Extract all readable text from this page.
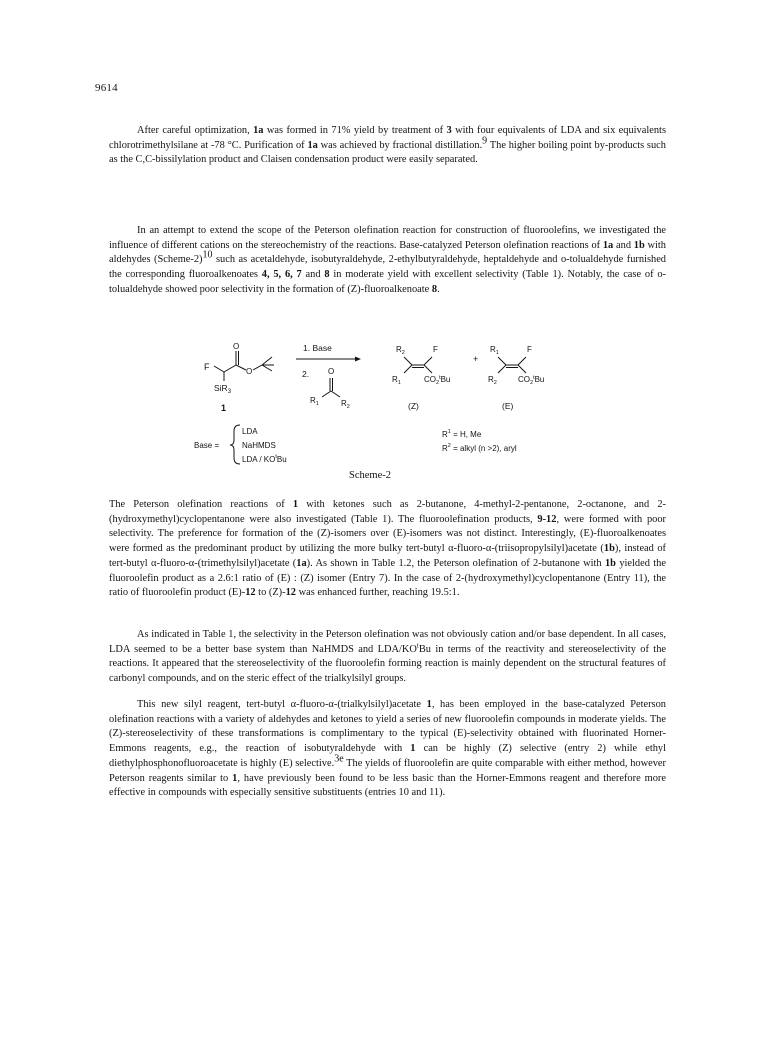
9614

After careful optimization, 1a was formed in 71% yield by treatment of 3 with four equivalents of LDA and six equivalents chlorotrimethylsilane at -78 °C. Purification of 1a was achieved by fractional distillation.$^9$ The higher boiling point by-products such as the C,C-bissilylation product and Claisen condensation product were easily separated.

In an attempt to extend the scope of the Peterson olefination reaction for construction of fluoroolefins, we investigated the influence of different cations on the stereochemistry of the reactions. Base-catalyzed Peterson olefination reactions of 1a and 1b with aldehydes (Scheme-2)$^{10}$ such as acetaldehyde, isobutyraldehyde, 2-ethylbutyraldehyde, heptaldehyde and o-tolualdehyde furnished the corresponding fluoroalkenoates 4, 5, 6, 7 and 8 in moderate yield with excellent selectivity (Table 1). Notably, the case of o-tolualdehyde showed poor selectivity in the formation of (Z)-fluoroalkenoate 8.

F
O
O
SiR$_3$
1
1. Base
2. O
$R_1$	$R_2$
$R_2$	F
$R_1$	$CO_2^tBu$
(Z)
+
$R_1$	F
$R_2$	$CO_2^tBu$
(E)
Base =
LDA
NaHMDS
LDA / $KO^tBu$
$R^1 = H$, Me
$R^2$ = alkyl (n >2), aryl
Scheme-2

The Peterson olefination reactions of 1 with ketones such as 2-butanone, 4-methyl-2-pentanone, 2-octanone, and 2-(hydroxymethyl)cyclopentanone were also investigated (Table 1). The fluoroolefination products, 9-12, were formed with poor selectivity. The preference for formation of the (Z)-isomers over (E)-isomers was not distinct. Interestingly, (E)-fluoroalkenoates were formed as the predominant product by utilizing the more bulky tert-butyl α-fluoro-α-(triisopropylsilyl)acetate (1b), instead of tert-butyl α-fluoro-α-(trimethylsilyl)acetate (1a). As shown in Table 1.2, the Peterson olefination of 2-butanone with 1b yielded the fluoroolefin product as a 2.6:1 ratio of (E) : (Z) isomer (Entry 7). In the case of 2-(hydroxymethyl)cyclopentanone (Entry 11), the ratio of fluoroolefin product (E)-12 to (Z)-12 was enhanced further, reaching 19.5:1.

As indicated in Table 1, the selectivity in the Peterson olefination was not obviously cation and/or base dependent. In all cases, LDA seemed to be a better base system than NaHMDS and LDA/$KO^tBu$ in terms of the reactivity and stereoselectivity of the reactions. It appeared that the stereoselectivity of the fluoroolefin forming reaction is mainly dependent on the structural features of carbonyl compounds, and on the steric effect of the trialkylsilyl groups.

This new silyl reagent, tert-butyl α-fluoro-α-(trialkylsilyl)acetate 1, has been employed in the base-catalyzed Peterson olefination reactions with a variety of aldehydes and ketones to yield a series of new fluoroolefin compounds in moderate yields. The (Z)-stereoselectivity of these transformations is complimentary to the typical (E)-selectivity obtained with fluorinated Horner-Emmons reagents, e.g., the reaction of isobutyraldehyde with 1 can be highly (Z) selective (entry 2) while ethyl diethylphosphonofluoroacetate is highly (E) selective.$^{3e}$ The yields of fluoroolefin are quite comparable with either method, however Peterson reagents similar to 1, have previously been found to be less basic than the Horner-Emmons reagent and therefore more effective in compounds with especially sensitive substituents (entries 10 and 11).
